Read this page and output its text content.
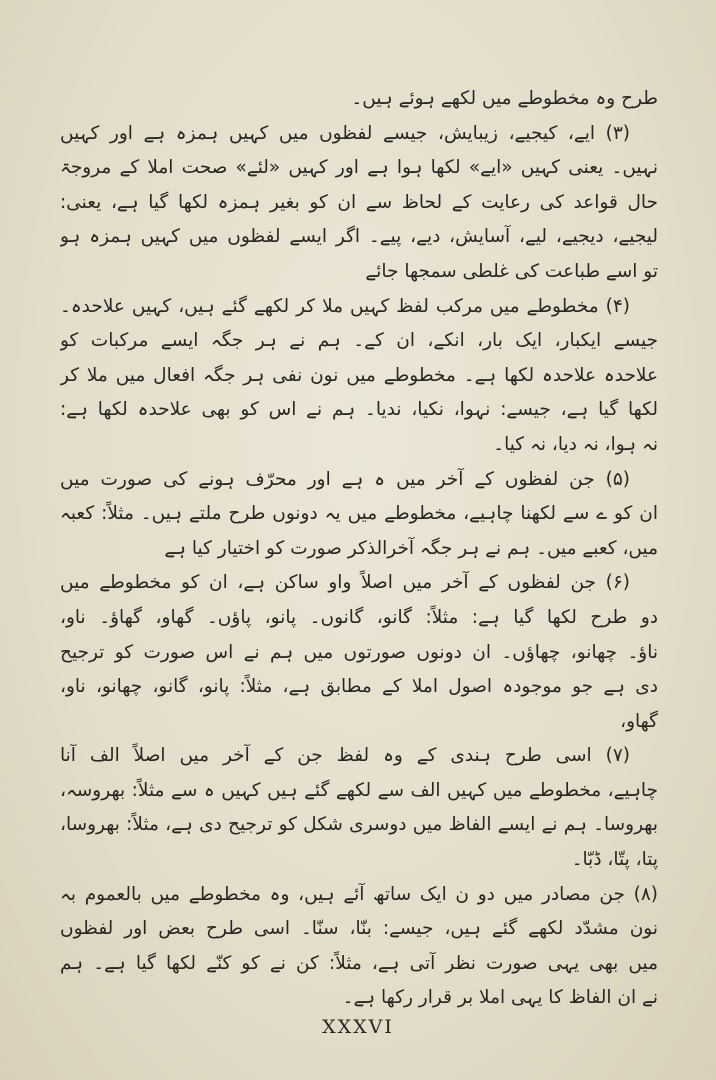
طرح وہ مخطوطے میں لکھے ہوئے ہیں۔
(۳) ایے، کیجیے، زیبایش، جیسے لفظوں میں کہیں ہمزہ ہے اور کہیں
نہیں۔ یعنی کہیں «ایے» لکھا ہوا ہے اور کہیں «لئے» صحت املا کے مروجۃ
حال قواعد کی رعایت کے لحاظ سے ان کو بغیر ہمزہ لکھا گیا ہے، یعنی:
لیجیے، دیجیے، لیے، آسایش، دیے، پیے۔ اگر ایسے لفظوں میں کہیں ہمزہ ہو
تو اسے طباعت کی غلطی سمجھا جائے
(۴) مخطوطے میں مرکب لفظ کہیں ملا کر لکھے گئے ہیں، کہیں علاحدہ۔
جیسے ایکبار، ایک بار، انکے، ان کے۔ ہم نے ہر جگہ ایسے مرکبات کو
علاحدہ علاحدہ لکھا ہے۔ مخطوطے میں نون نفی ہر جگہ افعال میں ملا کر
لکھا گیا ہے، جیسے: نہوا، نکیا، ندیا۔ ہم نے اس کو بھی علاحدہ لکھا ہے:
نہ ہوا، نہ دیا، نہ کیا۔
(۵) جن لفظوں کے آخر میں ہ ہے اور محرّف ہونے کی صورت میں
ان کو ے سے لکھنا چاہیے، مخطوطے میں یہ دونوں طرح ملتے ہیں۔ مثلاً: کعبہ
میں، کعبے میں۔ ہم نے ہر جگہ آخرالذکر صورت کو اختیار کیا ہے
(۶) جن لفظوں کے آخر میں اصلاً واو ساکن ہے، ان کو مخطوطے میں
دو طرح لکھا گیا ہے: مثلاً: گانو، گانوں۔ پانو، پاؤں۔ گھاو، گھاؤ۔ ناو،
ناؤ۔ چھانو، چھاؤں۔ ان دونوں صورتوں میں ہم نے اس صورت کو ترجیح
دی ہے جو موجودہ اصول املا کے مطابق ہے، مثلاً: پانو، گانو، چھانو، ناو،
گھاو،
(۷) اسی طرح ہندی کے وہ لفظ جن کے آخر میں اصلاً الف آنا
چاہیے، مخطوطے میں کہیں الف سے لکھے گئے ہیں کہیں ہ سے مثلاً: بھروسہ،
بھروسا۔ ہم نے ایسے الفاظ میں دوسری شکل کو ترجیح دی ہے، مثلاً: بھروسا،
پتا، پتّا، ڈبّا۔
(۸) جن مصادر میں دو ن ایک ساتھ آئے ہیں، وہ مخطوطے میں بالعموم بہ
نون مشدّد لکھے گئے ہیں، جیسے: بنّا، سنّا۔ اسی طرح بعض اور لفظوں
میں بھی یہی صورت نظر آتی ہے، مثلاً: کن نے کو کنّے لکھا گیا ہے۔ ہم
نے ان الفاظ کا یہی املا بر قرار رکھا ہے۔
XXXVI
